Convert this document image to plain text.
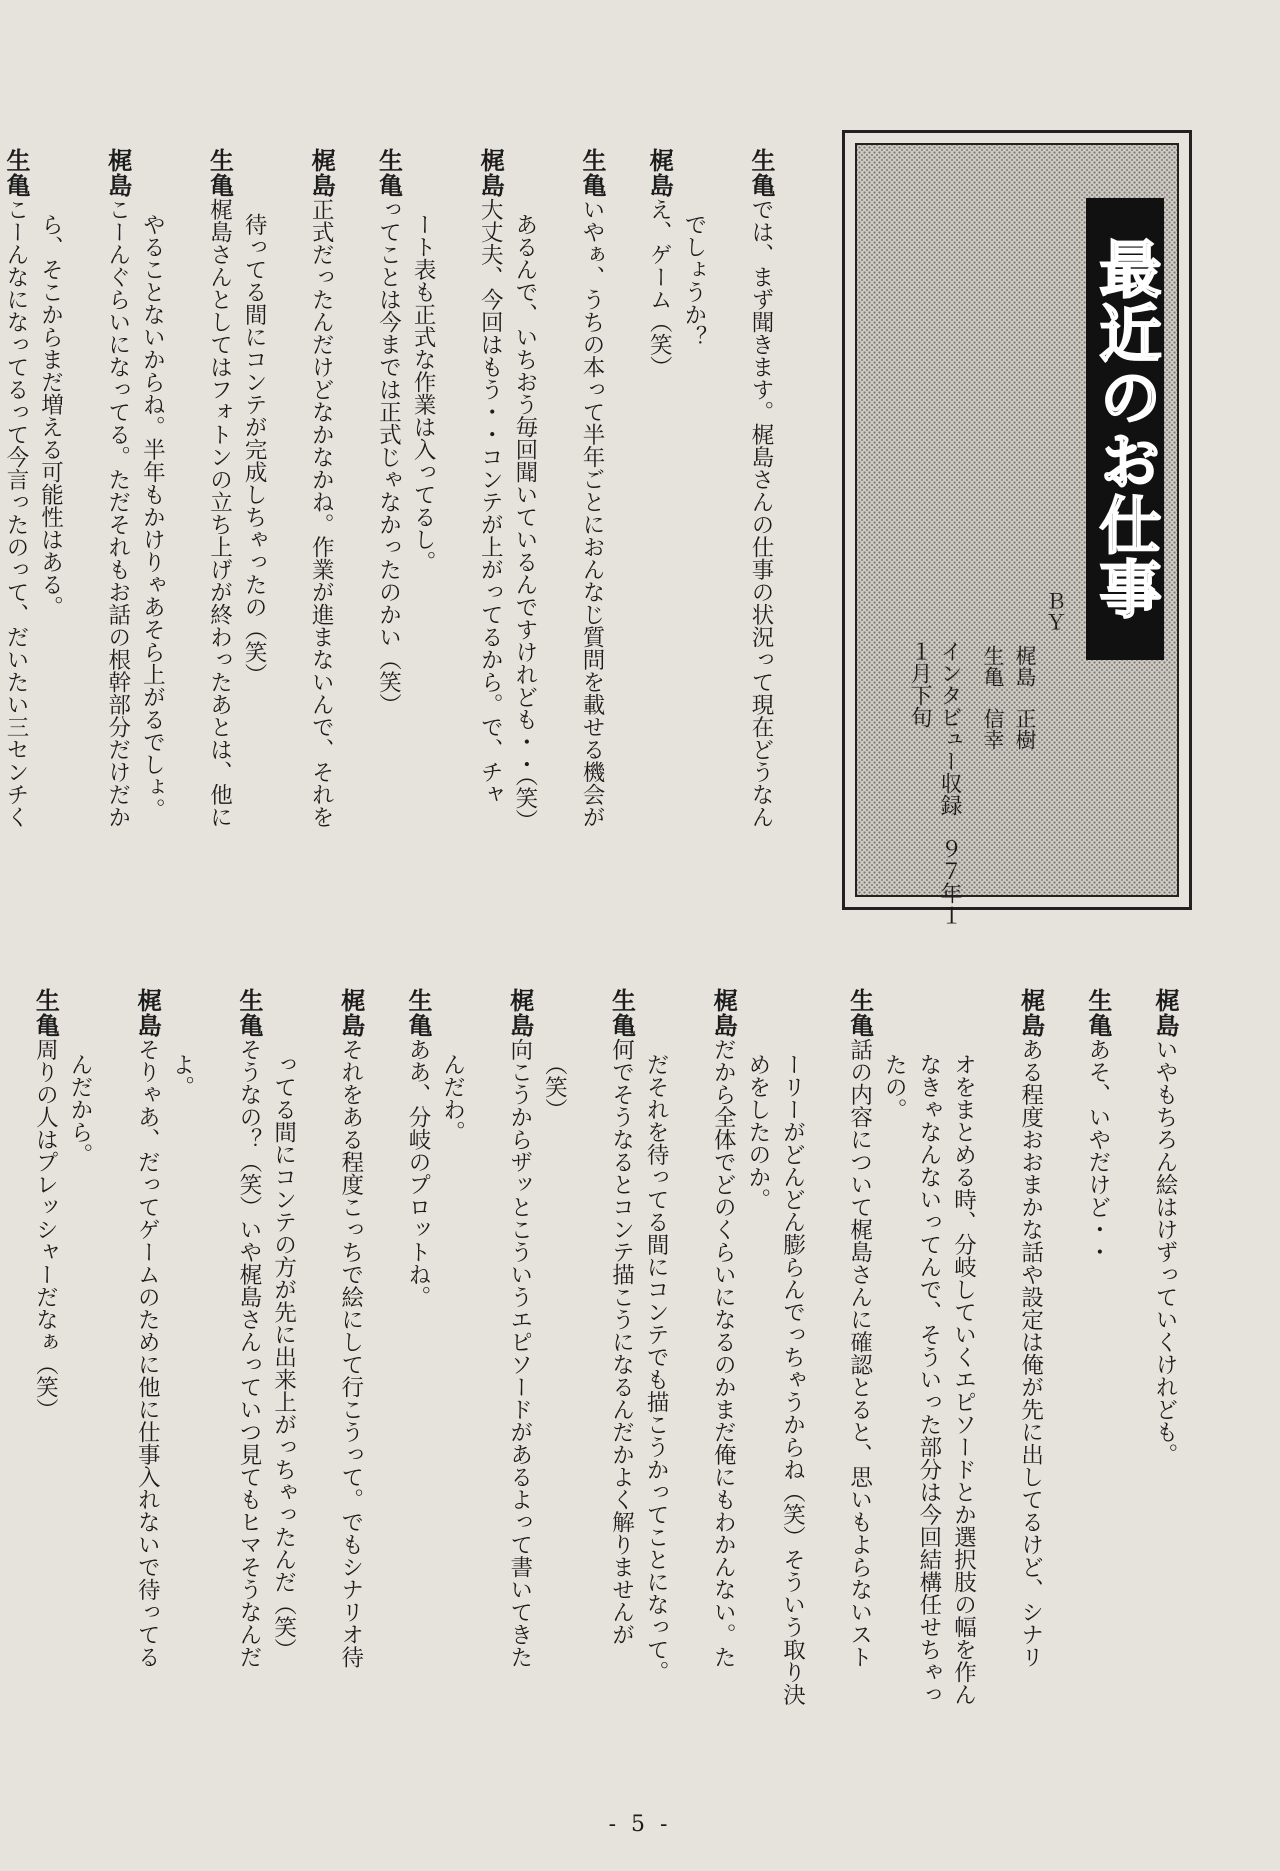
最近のお仕事
ＢＹ
梶島　正樹
生亀　信幸
インタビュー収録　９７年１１月下旬
生亀では、まず聞きます。梶島さんの仕事の状況って現在どうなん
でしょうか？
梶島え、ゲーム（笑）
生亀いやぁ、うちの本って半年ごとにおんなじ質問を載せる機会が
あるんで、いちおう毎回聞いているんですけれども・・（笑）
梶島大丈夫、今回はもう・・コンテが上がってるから。で、チャ
ート表も正式な作業は入ってるし。
生亀ってことは今までは正式じゃなかったのかい（笑）
梶島正式だったんだけどなかなかね。作業が進まないんで、それを
待ってる間にコンテが完成しちゃったの（笑）
生亀梶島さんとしてはフォトンの立ち上げが終わったあとは、他に
やることないからね。半年もかけりゃあそら上がるでしょ。
梶島こーんぐらいになってる。ただそれもお話の根幹部分だけだか
ら、そこからまだ増える可能性はある。
生亀こーんなになってるって今言ったのって、だいたい三センチく
梶島いやもちろん絵はけずっていくけれども。
生亀あそ、いやだけど・・
梶島ある程度おおまかな話や設定は俺が先に出してるけど、シナリ
オをまとめる時、分岐していくエピソードとか選択肢の幅を作ん
なきゃなんないってんで、そういった部分は今回結構任せちゃっ
たの。
生亀話の内容について梶島さんに確認とると、思いもよらないスト
ーリーがどんどん膨らんでっちゃうからね（笑）そういう取り決
めをしたのか。
梶島だから全体でどのくらいになるのかまだ俺にもわかんない。た
だそれを待ってる間にコンテでも描こうかってことになって。
生亀何でそうなるとコンテ描こうになるんだかよく解りませんが
（笑）
梶島向こうからザッとこういうエピソードがあるよって書いてきた
んだわ。
生亀ああ、分岐のプロットね。
梶島それをある程度こっちで絵にして行こうって。でもシナリオ待
ってる間にコンテの方が先に出来上がっちゃったんだ（笑）
生亀そうなの？（笑）いや梶島さんっていつ見てもヒマそうなんだ
よ。
梶島そりゃあ、だってゲームのために他に仕事入れないで待ってる
んだから。
生亀周りの人はプレッシャーだなぁ（笑）
- 5 -
